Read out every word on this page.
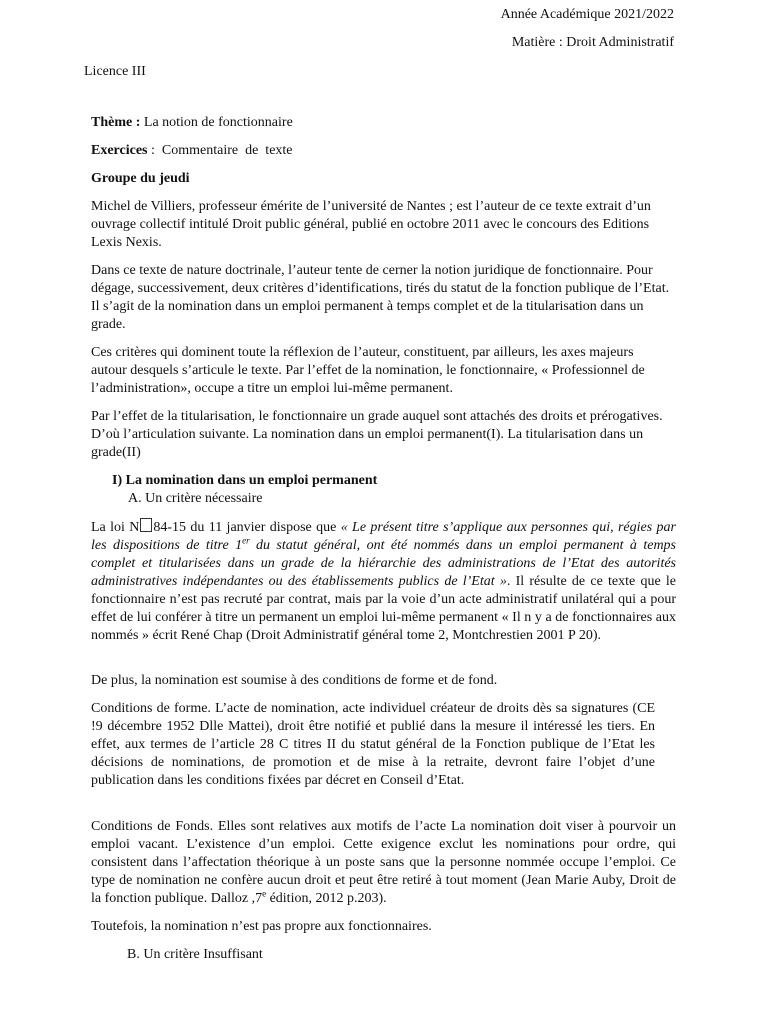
Année Académique 2021/2022
Matière : Droit Administratif
Licence III

Thème : La notion de fonctionnaire

Exercices :  Commentaire  de  texte

Groupe du jeudi

Michel de Villiers, professeur émérite de l’université de Nantes ; est l’auteur de ce texte extrait d’un ouvrage collectif intitulé Droit public général, publié en octobre 2011 avec le concours des Editions Lexis Nexis.

Dans ce texte de nature doctrinale, l’auteur tente de cerner la notion juridique de fonctionnaire. Pour dégage, successivement, deux critères d’identifications, tirés du statut de la fonction publique de l’Etat. Il s’agit de la nomination dans un emploi permanent à temps complet et de la titularisation dans un grade.

Ces critères qui dominent toute la réflexion de l’auteur, constituent, par ailleurs, les axes majeurs autour desquels s’articule le texte. Par l’effet de la nomination, le fonctionnaire, « Professionnel de l’administration», occupe a titre un emploi lui-même permanent.

Par l’effet de la titularisation, le fonctionnaire un grade auquel sont attachés des droits et prérogatives. D’où l’articulation suivante. La nomination dans un emploi permanent(I). La titularisation dans un grade(II)

I) La nomination dans un emploi permanent

A. Un critère nécessaire

La loi N 84-15 du 11 janvier dispose que « Le présent titre s’applique aux personnes qui, régies par les dispositions de titre 1er du statut général, ont été nommés dans un emploi permanent à temps complet et titularisées dans un grade de la hiérarchie des administrations de l’Etat des autorités administratives indépendantes ou des établissements publics de l’Etat ». Il résulte de ce texte que le fonctionnaire n’est pas recruté par contrat, mais par la voie d’un acte administratif unilatéral qui a pour effet de lui conférer à titre un permanent un emploi lui-même permanent « Il n y a de fonctionnaires aux nommés » écrit René Chap (Droit Administratif général tome 2, Montchrestien 2001 P 20).

De plus, la nomination est soumise à des conditions de forme et de fond.

Conditions de forme. L’acte de nomination, acte individuel créateur de droits dès sa signatures (CE !9 décembre 1952 Dlle Mattei), droit être notifié et publié dans la mesure il intéressé les tiers. En effet, aux termes de l’article 28 C titres II du statut général de la Fonction publique de l’Etat les décisions de nominations, de promotion et de mise à la retraite, devront faire l’objet d’une publication dans les conditions fixées par décret en Conseil d’Etat.

Conditions de Fonds. Elles sont relatives aux motifs de l’acte La nomination doit viser à pourvoir un emploi vacant. L’existence d’un emploi. Cette exigence exclut les nominations pour ordre, qui consistent dans l’affectation théorique à un poste sans que la personne nommée occupe l’emploi. Ce type de nomination ne confère aucun droit et peut être retiré à tout moment (Jean Marie Auby, Droit de la fonction publique. Dalloz ,7e édition, 2012 p.203).

Toutefois, la nomination n’est pas propre aux fonctionnaires.

B. Un critère Insuffisant
